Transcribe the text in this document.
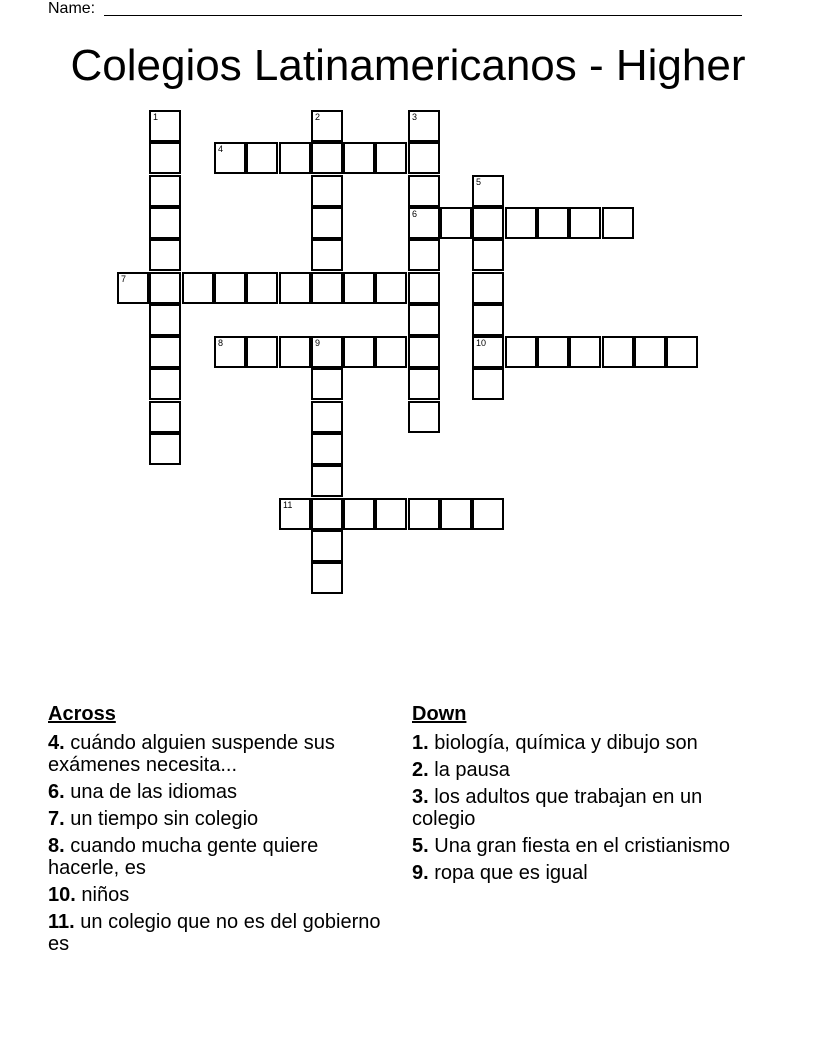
Name:
Colegios Latinamericanos - Higher
1	2	3
6
4
5
10
7
8	9
11
Across
4. cuándo alguien suspende sus exámenes necesita...
6. una de las idiomas
7. un tiempo sin colegio
8. cuando mucha gente quiere hacerle, es
10. niños
11. un colegio que no es del gobierno es
Down
1. biología, química y dibujo son
2. la pausa
3. los adultos que trabajan en un colegio
5. Una gran fiesta en el cristianismo
9. ropa que es igual
